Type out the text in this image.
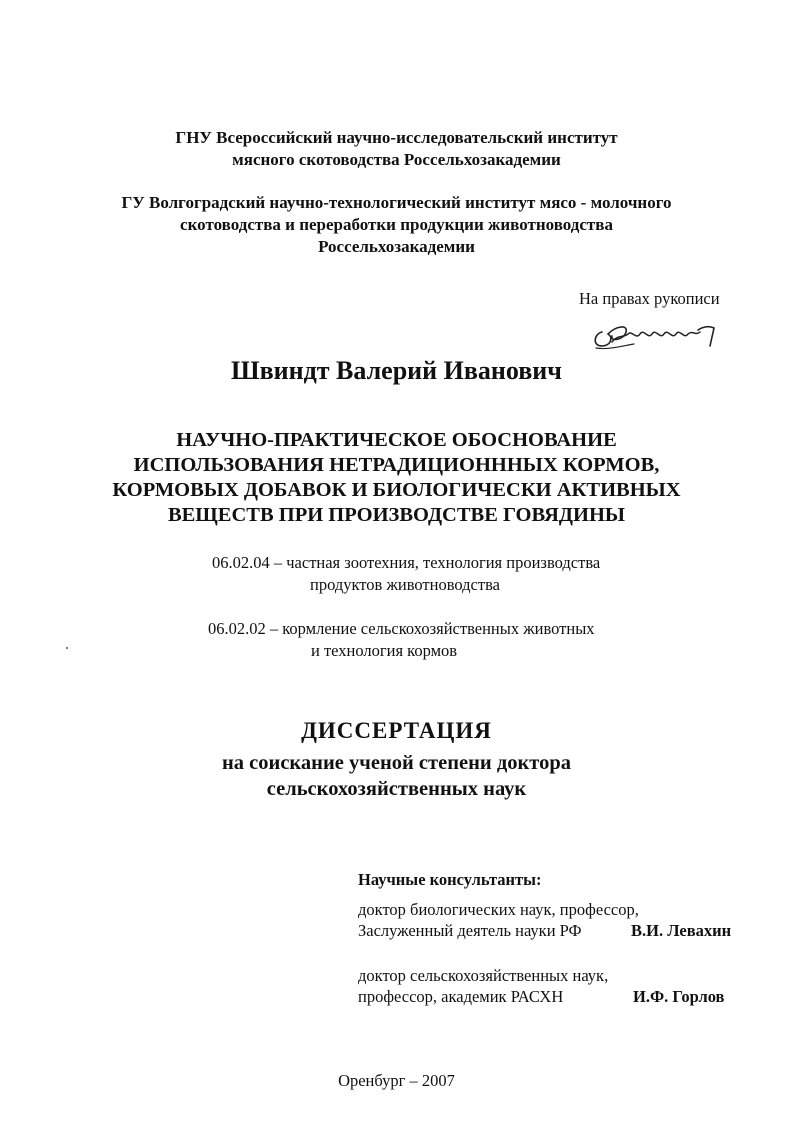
ГНУ Всероссийский научно-исследовательский институт
мясного скотоводства Россельхозакадемии
ГУ Волгоградский научно-технологический институт мясо - молочного
скотоводства и переработки продукции животноводства
Россельхозакадемии
На правах рукописи
Швиндт Валерий Иванович
НАУЧНО-ПРАКТИЧЕСКОЕ ОБОСНОВАНИЕ
ИСПОЛЬЗОВАНИЯ НЕТРАДИЦИОНННЫХ КОРМОВ,
КОРМОВЫХ ДОБАВОК И БИОЛОГИЧЕСКИ АКТИВНЫХ
ВЕЩЕСТВ ПРИ ПРОИЗВОДСТВЕ ГОВЯДИНЫ
06.02.04 – частная зоотехния, технология производства
продуктов животноводства
06.02.02 – кормление сельскохозяйственных животных
и технология кормов
ДИССЕРТАЦИЯ
на соискание ученой степени доктора
сельскохозяйственных наук
Научные консультанты:
доктор биологических наук, профессор,
Заслуженный деятель науки РФ	В.И. Левахин
доктор сельскохозяйственных наук,
профессор, академик РАСХН	И.Ф. Горлов
Оренбург – 2007
